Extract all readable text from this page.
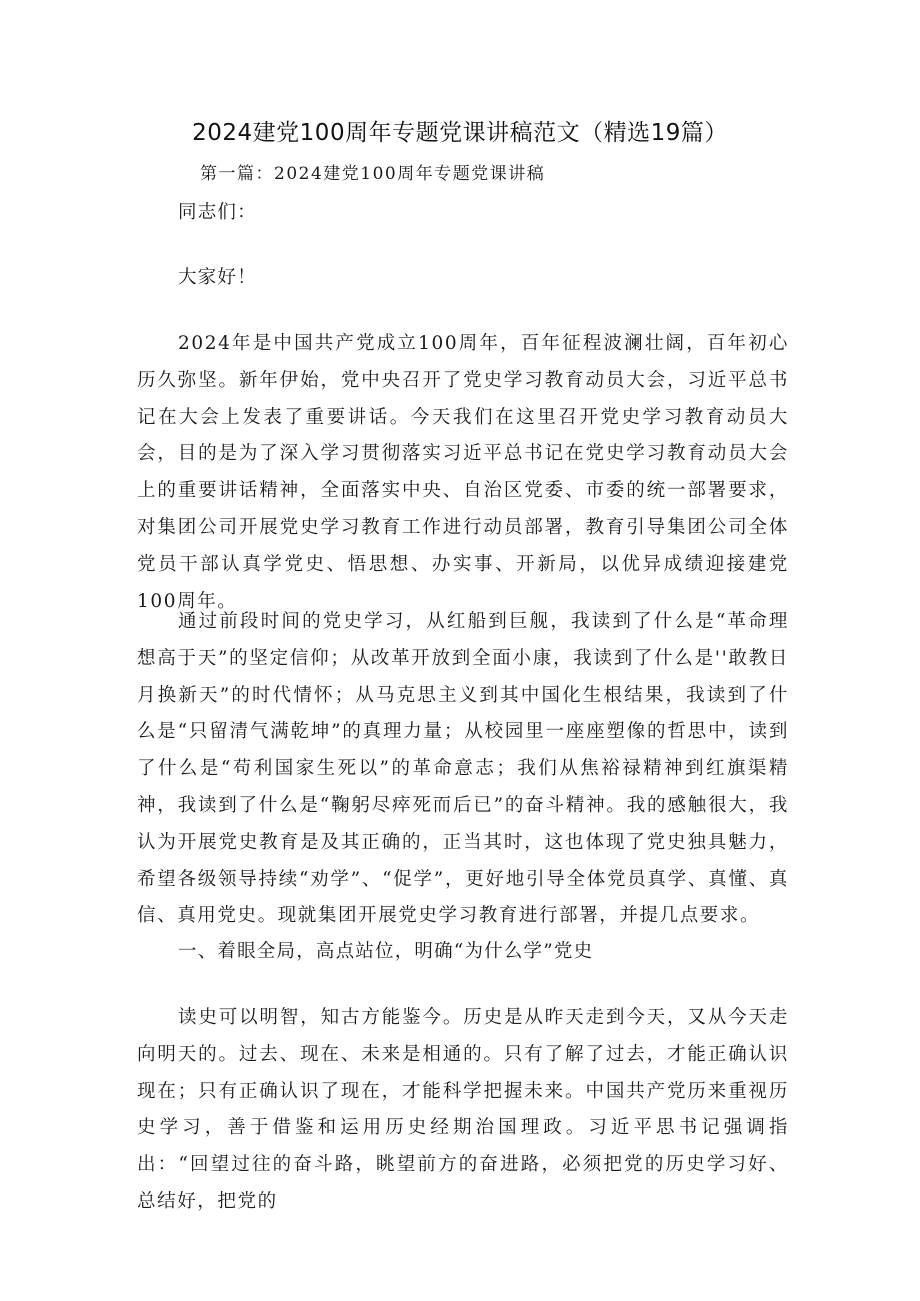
2024建党100周年专题党课讲稿范文（精选19篇）

第一篇：2024建党100周年专题党课讲稿

同志们：

大家好！

2024年是中国共产党成立100周年，百年征程波澜壮阔，百年初心历久弥坚。新年伊始，党中央召开了党史学习教育动员大会，习近平总书记在大会上发表了重要讲话。今天我们在这里召开党史学习教育动员大会，目的是为了深入学习贯彻落实习近平总书记在党史学习教育动员大会上的重要讲话精神，全面落实中央、自治区党委、市委的统一部署要求，对集团公司开展党史学习教育工作进行动员部署，教育引导集团公司全体党员干部认真学党史、悟思想、办实事、开新局，以优异成绩迎接建党100周年。

通过前段时间的党史学习，从红船到巨舰，我读到了什么是“革命理想高于天”的坚定信仰；从改革开放到全面小康，我读到了什么是''敢教日月换新天”的时代情怀；从马克思主义到其中国化生根结果，我读到了什么是“只留清气满乾坤”的真理力量；从校园里一座座塑像的哲思中，读到了什么是“苟利国家生死以”的革命意志；我们从焦裕禄精神到红旗渠精神，我读到了什么是“鞠躬尽瘁死而后已”的奋斗精神。我的感触很大，我认为开展党史教育是及其正确的，正当其时，这也体现了党史独具魅力，希望各级领导持续“劝学”、“促学”，更好地引导全体党员真学、真懂、真信、真用党史。现就集团开展党史学习教育进行部署，并提几点要求。

一、着眼全局，高点站位，明确“为什么学”党史

读史可以明智，知古方能鉴今。历史是从昨天走到今天，又从今天走向明天的。过去、现在、未来是相通的。只有了解了过去，才能正确认识现在；只有正确认识了现在，才能科学把握未来。中国共产党历来重视历史学习，善于借鉴和运用历史经期治国理政。习近平思书记强调指出：“回望过往的奋斗路，眺望前方的奋进路，必须把党的历史学习好、总结好，把党的
